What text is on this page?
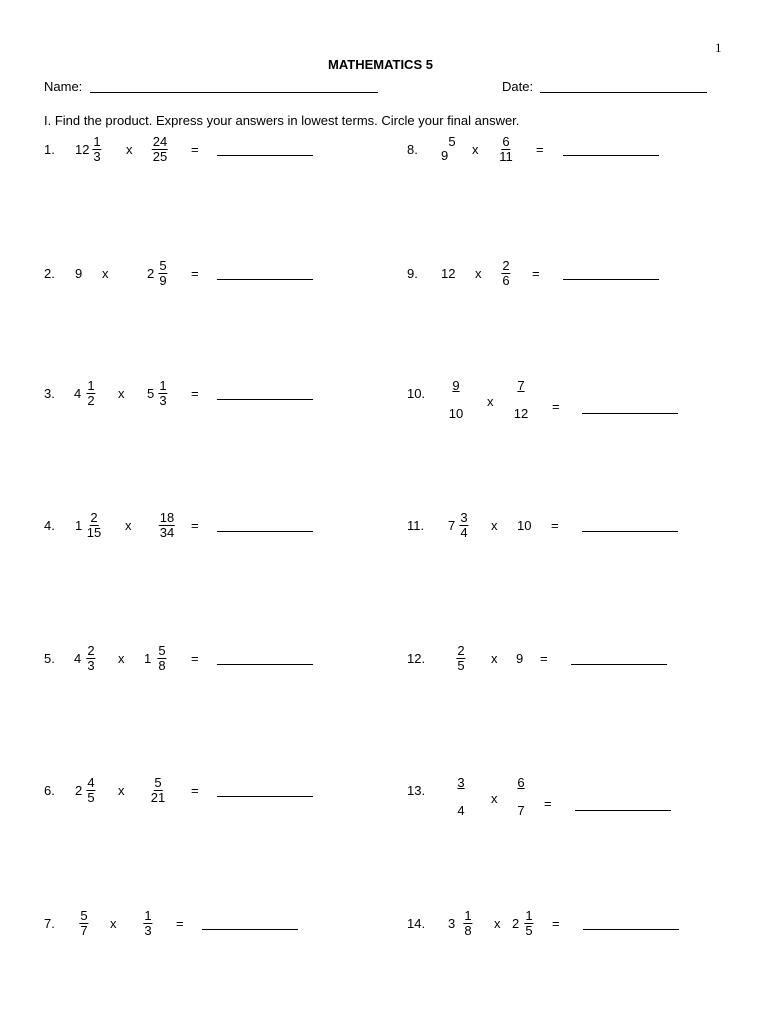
1
MATHEMATICS 5
Name:	Date:
I. Find the product. Express your answers in lowest terms. Circle your final answer.
1. $12 \frac{1}{3}$ x $\frac{24}{25}$ =
2. 9 x	$2 \frac{5}{9}$ =
3. $4 \frac{1}{2}$ x $5 \frac{1}{3}$ =
4. $1 \frac{2}{15}$ x $\frac{18}{34}$ =
5. $4 \frac{2}{3}$ x $1 \frac{5}{8}$ =
6. $2 \frac{4}{5}$ x $\frac{5}{21}$ =
7. $\frac{5}{7}$ x $\frac{1}{3}$ =
8. 9
5
x $\frac{6}{11}$ =
9. 12 x $\frac{2}{6}$ =
10.
9
10
x
7
12 =
11. $7 \frac{3}{4}$ x 10 =
12. $\frac{2}{5}$ x 9 =
13.
3
4
x
6
7 =
14. $3 \frac{1}{8}$ x $2 \frac{1}{5}$ =
